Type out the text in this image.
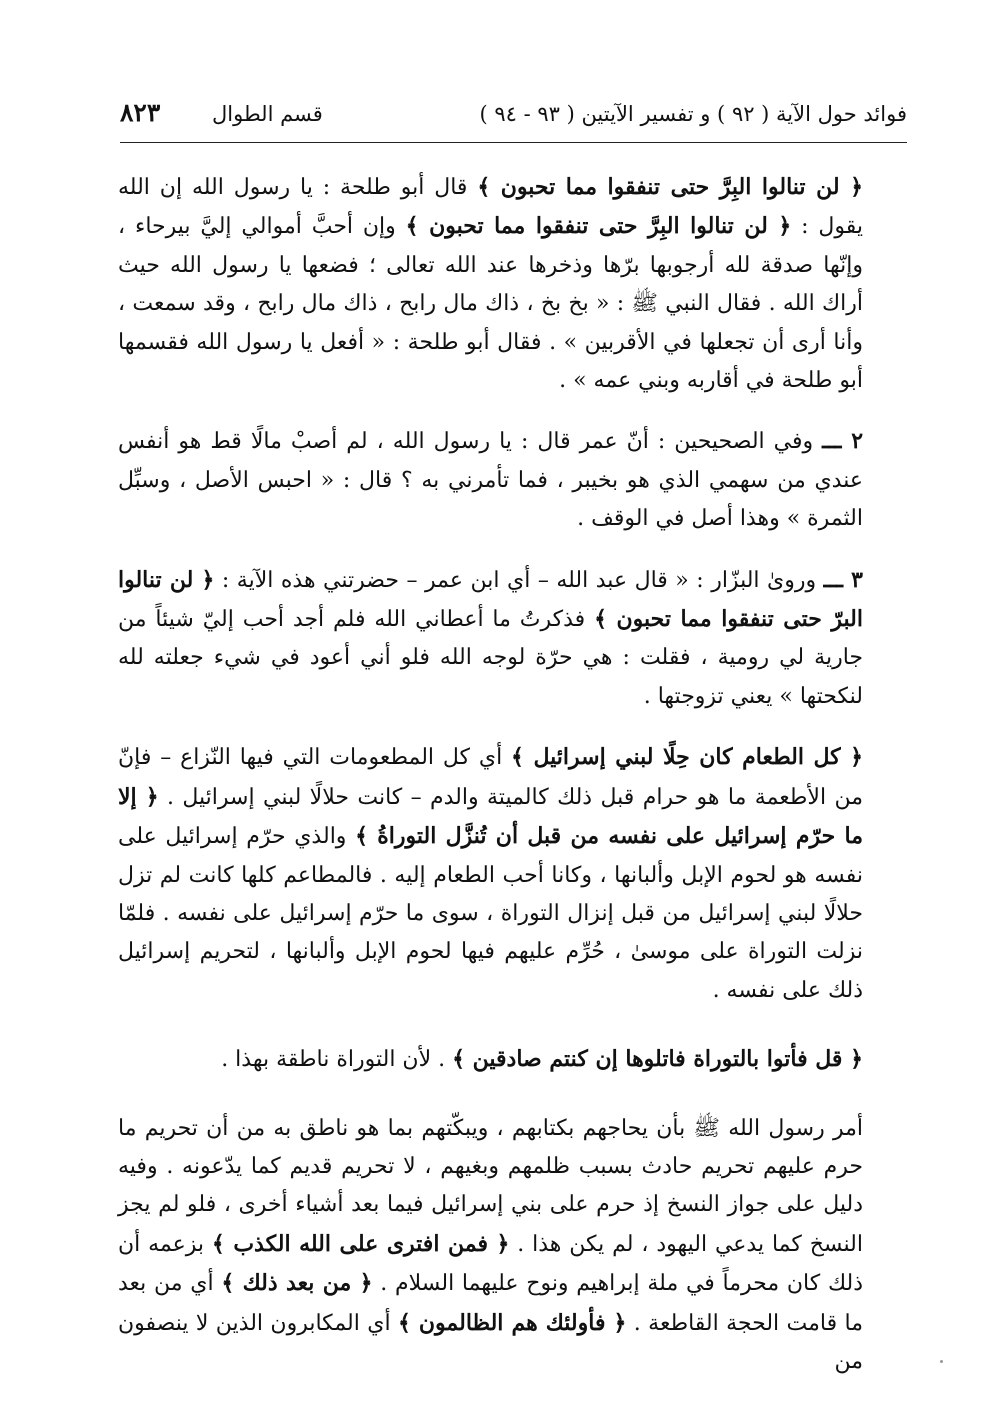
فوائد حول الآية ( ٩٢ ) و تفسير الآيتين ( ٩٣ - ٩٤ )
قسم الطوال
٨٢٣

﴿ لن تنالوا البِرَّ حتى تنفقوا مما تحبون ﴾ قال أبو طلحة : يا رسول الله إن الله يقول : ﴿ لن تنالوا البِرَّ حتى تنفقوا مما تحبون ﴾ وإن أحبَّ أموالي إليَّ بيرحاء ، وإنّها صدقة لله أرجوبها برّها وذخرها عند الله تعالى ؛ فضعها يا رسول الله حيث أراك الله . فقال النبي ﷺ : « بخ بخ ، ذاك مال رابح ، ذاك مال رابح ، وقد سمعت ، وأنا أرى أن تجعلها في الأقربين » . فقال أبو طلحة : « أفعل يا رسول الله فقسمها أبو طلحة في أقاربه وبني عمه » .

٢ ـــ وفي الصحيحين : أنّ عمر قال : يا رسول الله ، لم أصبْ مالًا قط هو أنفس عندي من سهمي الذي هو بخيبر ، فما تأمرني به ؟ قال : « احبس الأصل ، وسبِّل الثمرة » وهذا أصل في الوقف .

٣ ـــ وروىٰ البزّار : « قال عبد الله – أي ابن عمر – حضرتني هذه الآية : ﴿ لن تنالوا البرّ حتى تنفقوا مما تحبون ﴾ فذكرتُ ما أعطاني الله فلم أجد أحب إليّ شيئاً من جارية لي رومية ، فقلت : هي حرّة لوجه الله فلو أني أعود في شيء جعلته لله لنكحتها » يعني تزوجتها .

﴿ كل الطعام كان حِلًا لبني إسرائيل ﴾ أي كل المطعومات التي فيها النّزاع – فإنّ من الأطعمة ما هو حرام قبل ذلك كالميتة والدم – كانت حلالًا لبني إسرائيل . ﴿ إلا ما حرّم إسرائيل على نفسه من قبل أن تُنزَّل التوراةُ ﴾ والذي حرّم إسرائيل على نفسه هو لحوم الإبل وألبانها ، وكانا أحب الطعام إليه . فالمطاعم كلها كانت لم تزل حلالًا لبني إسرائيل من قبل إنزال التوراة ، سوى ما حرّم إسرائيل على نفسه . فلمّا نزلت التوراة على موسىٰ ، حُرِّم عليهم فيها لحوم الإبل وألبانها ، لتحريم إسرائيل ذلك على نفسه .

﴿ قل فأتوا بالتوراة فاتلوها إن كنتم صادقين ﴾ . لأن التوراة ناطقة بهذا .

أمر رسول الله ﷺ بأن يحاجهم بكتابهم ، ويبكّتهم بما هو ناطق به من أن تحريم ما حرم عليهم تحريم حادث بسبب ظلمهم وبغيهم ، لا تحريم قديم كما يدّعونه . وفيه دليل على جواز النسخ إذ حرم على بني إسرائيل فيما بعد أشياء أخرى ، فلو لم يجز النسخ كما يدعي اليهود ، لم يكن هذا . ﴿ فمن افترى على الله الكذب ﴾ بزعمه أن ذلك كان محرماً في ملة إبراهيم ونوح عليهما السلام . ﴿ من بعد ذلك ﴾ أي من بعد ما قامت الحجة القاطعة . ﴿ فأولئك هم الظالمون ﴾ أي المكابرون الذين لا ينصفون من
